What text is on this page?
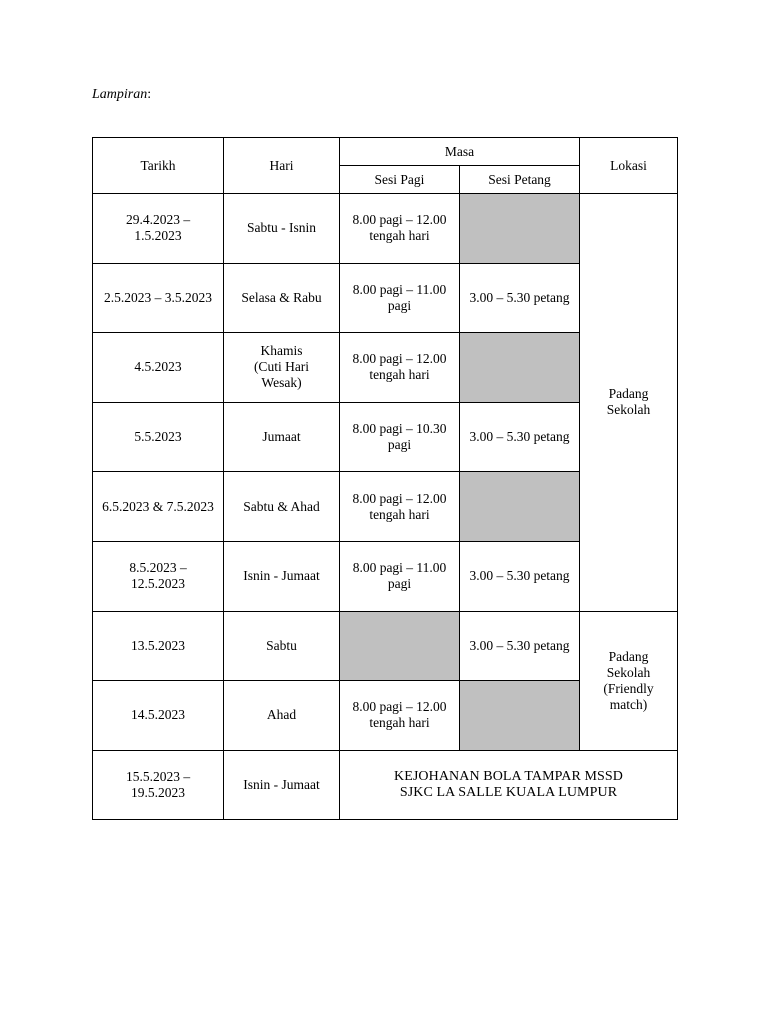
Lampiran:
Tarikh	Hari	Masa		Lokasi
		Sesi Pagi	Sesi Petang	

29.4.2023 –
1.5.2023	Sabtu - Isnin	8.00 pagi – 12.00
tengah hari		Padang
Sekolah

2.5.2023 – 3.5.2023	Selasa & Rabu	8.00 pagi – 11.00
pagi	3.00 – 5.30 petang	

4.5.2023	Khamis
(Cuti Hari
Wesak)	8.00 pagi – 12.00
tengah hari		

5.5.2023	Jumaat	8.00 pagi – 10.30
pagi	3.00 – 5.30 petang	

6.5.2023 & 7.5.2023	Sabtu & Ahad	8.00 pagi – 12.00
tengah hari		

8.5.2023 –
12.5.2023	Isnin - Jumaat	8.00 pagi – 11.00
pagi	3.00 – 5.30 petang	

13.5.2023	Sabtu		3.00 – 5.30 petang	Padang
Sekolah
(Friendly
match)

14.5.2023	Ahad	8.00 pagi – 12.00
tengah hari		

15.5.2023 –
19.5.2023	Isnin - Jumaat	KEJOHANAN BOLA TAMPAR MSSD
SJKC LA SALLE KUALA LUMPUR		
